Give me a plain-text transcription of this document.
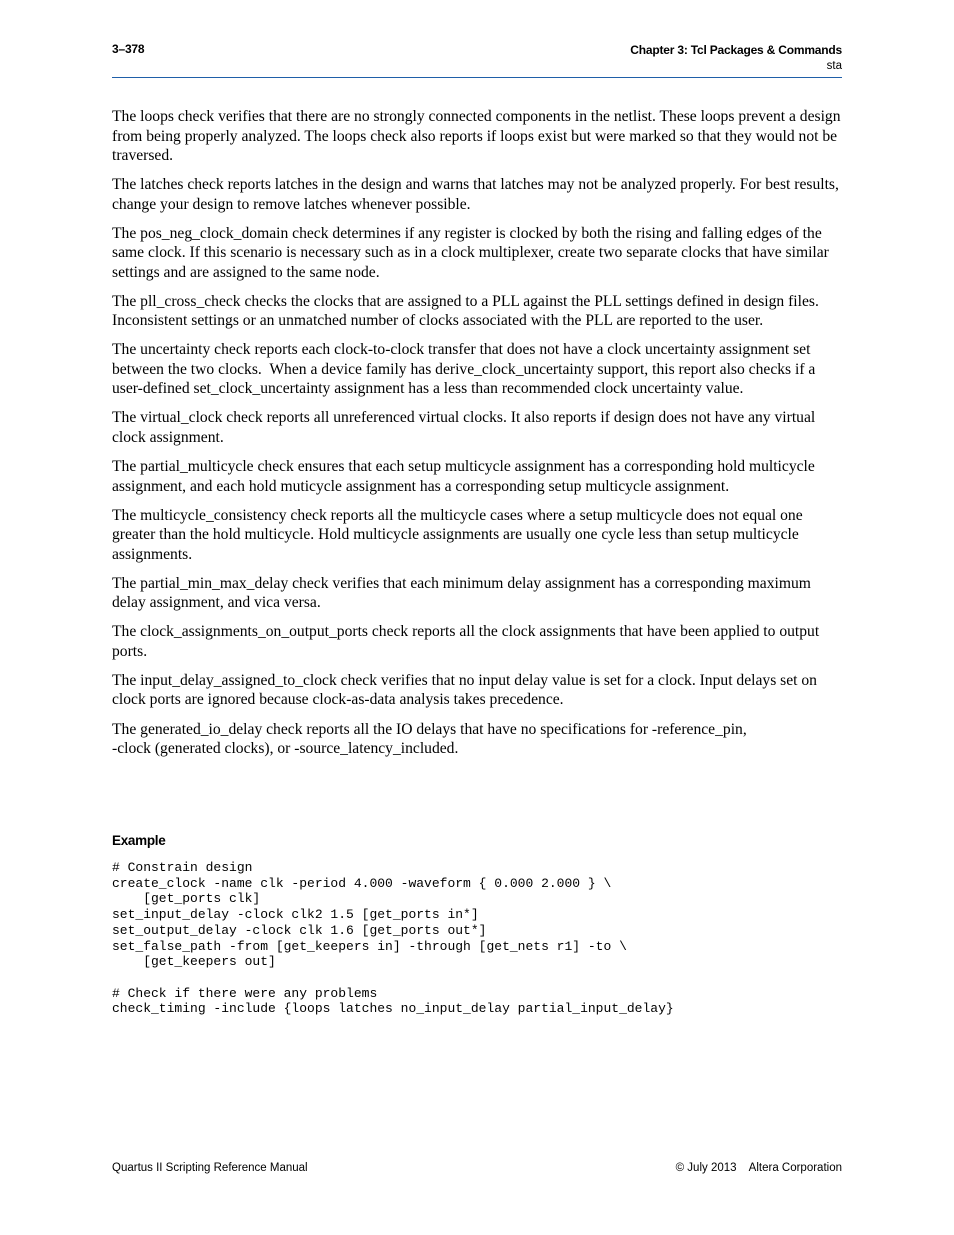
3–378	Chapter 3: Tcl Packages & Commands
sta

The loops check verifies that there are no strongly connected components in the netlist. These loops prevent a design from being properly analyzed. The loops check also reports if loops exist but were marked so that they would not be traversed.

The latches check reports latches in the design and warns that latches may not be analyzed properly. For best results, change your design to remove latches whenever possible.

The pos_neg_clock_domain check determines if any register is clocked by both the rising and falling edges of the same clock. If this scenario is necessary such as in a clock multiplexer, create two separate clocks that have similar settings and are assigned to the same node.

The pll_cross_check checks the clocks that are assigned to a PLL against the PLL settings defined in design files. Inconsistent settings or an unmatched number of clocks associated with the PLL are reported to the user.

The uncertainty check reports each clock-to-clock transfer that does not have a clock uncertainty assignment set between the two clocks.  When a device family has derive_clock_uncertainty support, this report also checks if a user-defined set_clock_uncertainty assignment has a less than recommended clock uncertainty value.

The virtual_clock check reports all unreferenced virtual clocks. It also reports if design does not have any virtual clock assignment.

The partial_multicycle check ensures that each setup multicycle assignment has a corresponding hold multicycle assignment, and each hold muticycle assignment has a corresponding setup multicycle assignment.

The multicycle_consistency check reports all the multicycle cases where a setup multicycle does not equal one greater than the hold multicycle. Hold multicycle assignments are usually one cycle less than setup multicycle assignments.

The partial_min_max_delay check verifies that each minimum delay assignment has a corresponding maximum delay assignment, and vica versa.

The clock_assignments_on_output_ports check reports all the clock assignments that have been applied to output ports.

The input_delay_assigned_to_clock check verifies that no input delay value is set for a clock. Input delays set on clock ports are ignored because clock-as-data analysis takes precedence.

The generated_io_delay check reports all the IO delays that have no specifications for -reference_pin,
-clock (generated clocks), or -source_latency_included.

Example
# Constrain design
create_clock -name clk -period 4.000 -waveform { 0.000 2.000 } \
[get_ports clk]
set_input_delay -clock clk2 1.5 [get_ports in*]
set_output_delay -clock clk 1.6 [get_ports out*]
set_false_path -from [get_keepers in] -through [get_nets r1] -to \
[get_keepers out]

# Check if there were any problems
check_timing -include {loops latches no_input_delay partial_input_delay}
Quartus II Scripting Reference Manual	© July 2013    Altera Corporation
